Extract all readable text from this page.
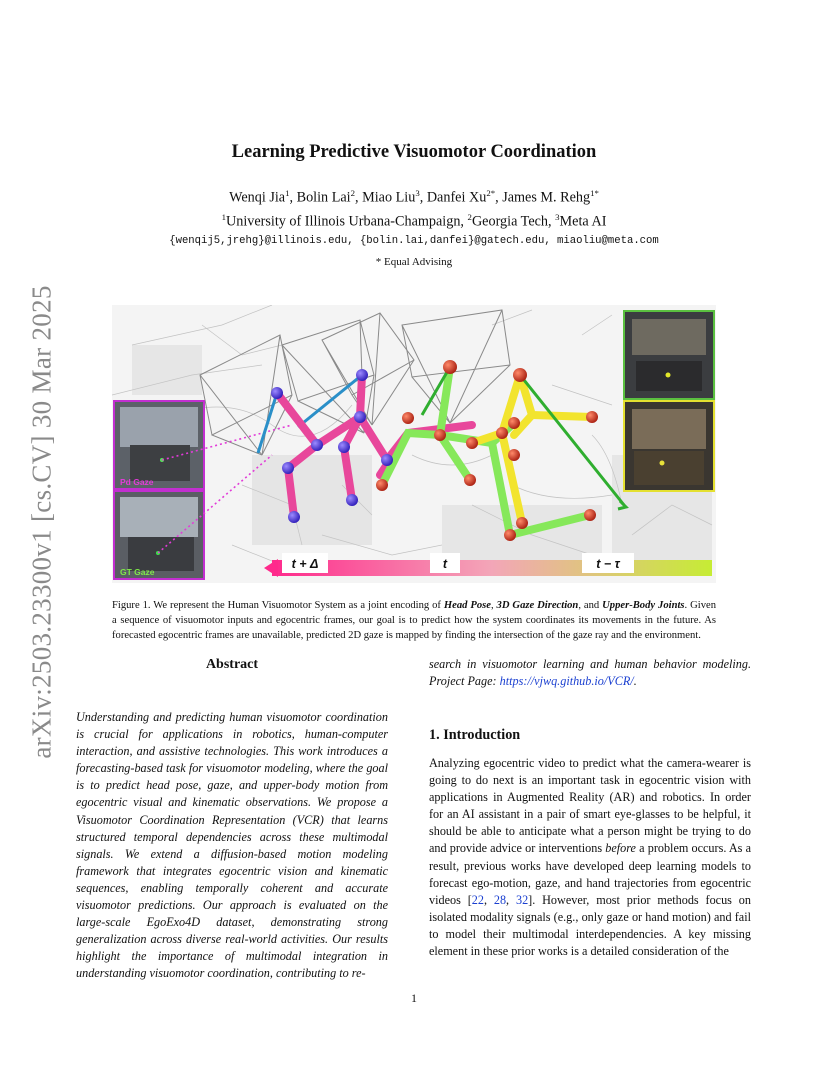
arXiv:2503.23300v1 [cs.CV] 30 Mar 2025
Learning Predictive Visuomotor Coordination
Wenqi Jia$^1$, Bolin Lai$^2$, Miao Liu$^3$, Danfei $Xu^{2*}$, James M. Rehg$^{1*}$
$^1$University of Illinois Urbana-Champaign, $^2$Georgia Tech, $^3$Meta AI
{wenqij5,jrehg}@illinois.edu, {bolin.lai,danfei}@gatech.edu, miaoliu@meta.com
* Equal Advising
Pd Gaze
GT Gaze
t + Δ	t	t − τ
Figure 1. We represent the Human Visuomotor System as a joint encoding of Head Pose, 3D Gaze Direction, and Upper-Body Joints. Given a sequence of visuomotor inputs and egocentric frames, our goal is to predict how the system coordinates its movements in the future. As forecasted egocentric frames are unavailable, predicted 2D gaze is mapped by finding the intersection of the gaze ray and the environment.
Abstract
Understanding and predicting human visuomotor coordination is crucial for applications in robotics, human-computer interaction, and assistive technologies. This work introduces a forecasting-based task for visuomotor modeling, where the goal is to predict head pose, gaze, and upper-body motion from egocentric visual and kinematic observations. We propose a Visuomotor Coordination Representation (VCR) that learns structured temporal dependencies across these multimodal signals. We extend a diffusion-based motion modeling framework that integrates egocentric vision and kinematic sequences, enabling temporally coherent and accurate visuomotor predictions. Our approach is evaluated on the large-scale EgoExo4D dataset, demonstrating strong generalization across diverse real-world activities. Our results highlight the importance of multimodal integration in understanding visuomotor coordination, contributing to re-
search in visuomotor learning and human behavior modeling. Project Page: https://vjwq.github.io/VCR/.
1. Introduction
Analyzing egocentric video to predict what the camera-wearer is going to do next is an important task in egocentric vision with applications in Augmented Reality (AR) and robotics. In order for an AI assistant in a pair of smart eye-glasses to be helpful, it should be able to anticipate what a person might be trying to do and provide advice or interventions before a problem occurs. As a result, previous works have developed deep learning models to forecast ego-motion, gaze, and hand trajectories from egocentric videos [22, 28, 32]. However, most prior methods focus on isolated modality signals (e.g., only gaze or hand motion) and fail to model their multimodal interdependencies. A key missing element in these prior works is a detailed consideration of the
1
